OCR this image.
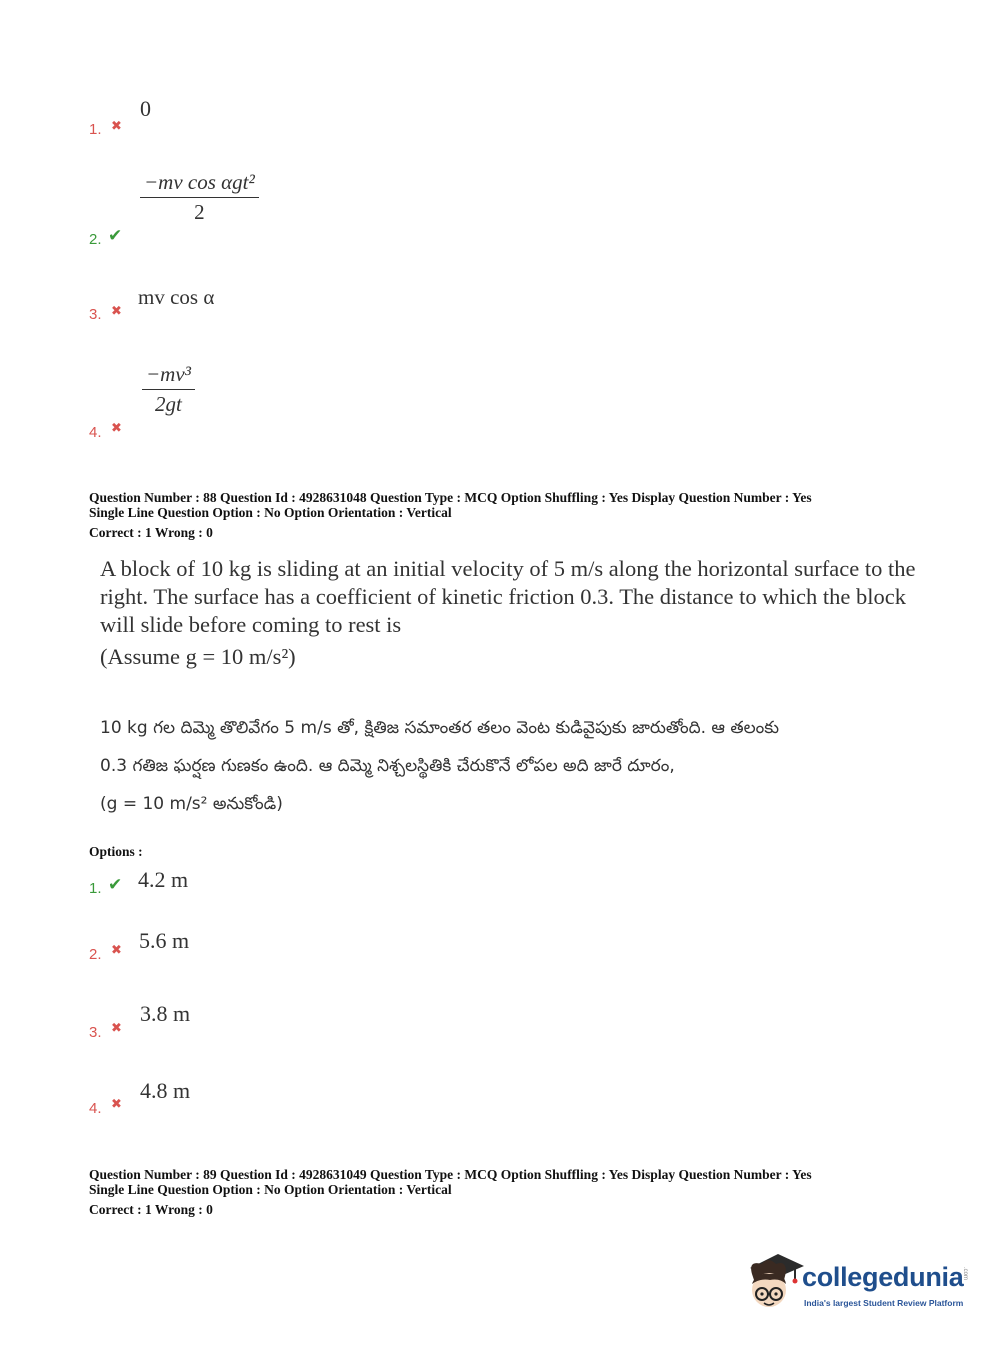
1. ✖
0
2. ✔
−mv cos αgt²
2
3. ✖
mv cos α
4. ✖
$\frac{\text{−mv³}}{2gt}$
Question Number : 88 Question Id : 4928631048 Question Type : MCQ Option Shuffling : Yes Display Question Number : Yes
Single Line Question Option : No Option Orientation : Vertical
Correct : 1 Wrong : 0
A block of 10 kg is sliding at an initial velocity of 5 m/s along the horizontal surface to the
right. The surface has a coefficient of kinetic friction 0.3. The distance to which the block
will slide before coming to rest is
(Assume g = 10 m/s²)
10 kg గల దిమ్మె తొలివేగం 5 m/s తో, క్షితిజ సమాంతర తలం వెంట కుడివైపుకు జారుతోంది. ఆ తలంకు
0.3 గతిజ ఘర్షణ గుణకం ఉంది. ఆ దిమ్మె నిశ్చలస్థితికి చేరుకొనే లోపల అది జారే దూరం,
(g = 10 m/s² అనుకోండి)
Options :
1. ✔ 4.2 m
2. ✖ 5.6 m
3. ✖
3.8 m
4. ✖
4.8 m
Question Number : 89 Question Id : 4928631049 Question Type : MCQ Option Shuffling : Yes Display Question Number : Yes
Single Line Question Option : No Option Orientation : Vertical
Correct : 1 Wrong : 0
collegedunia
.com
India's largest Student Review Platform
